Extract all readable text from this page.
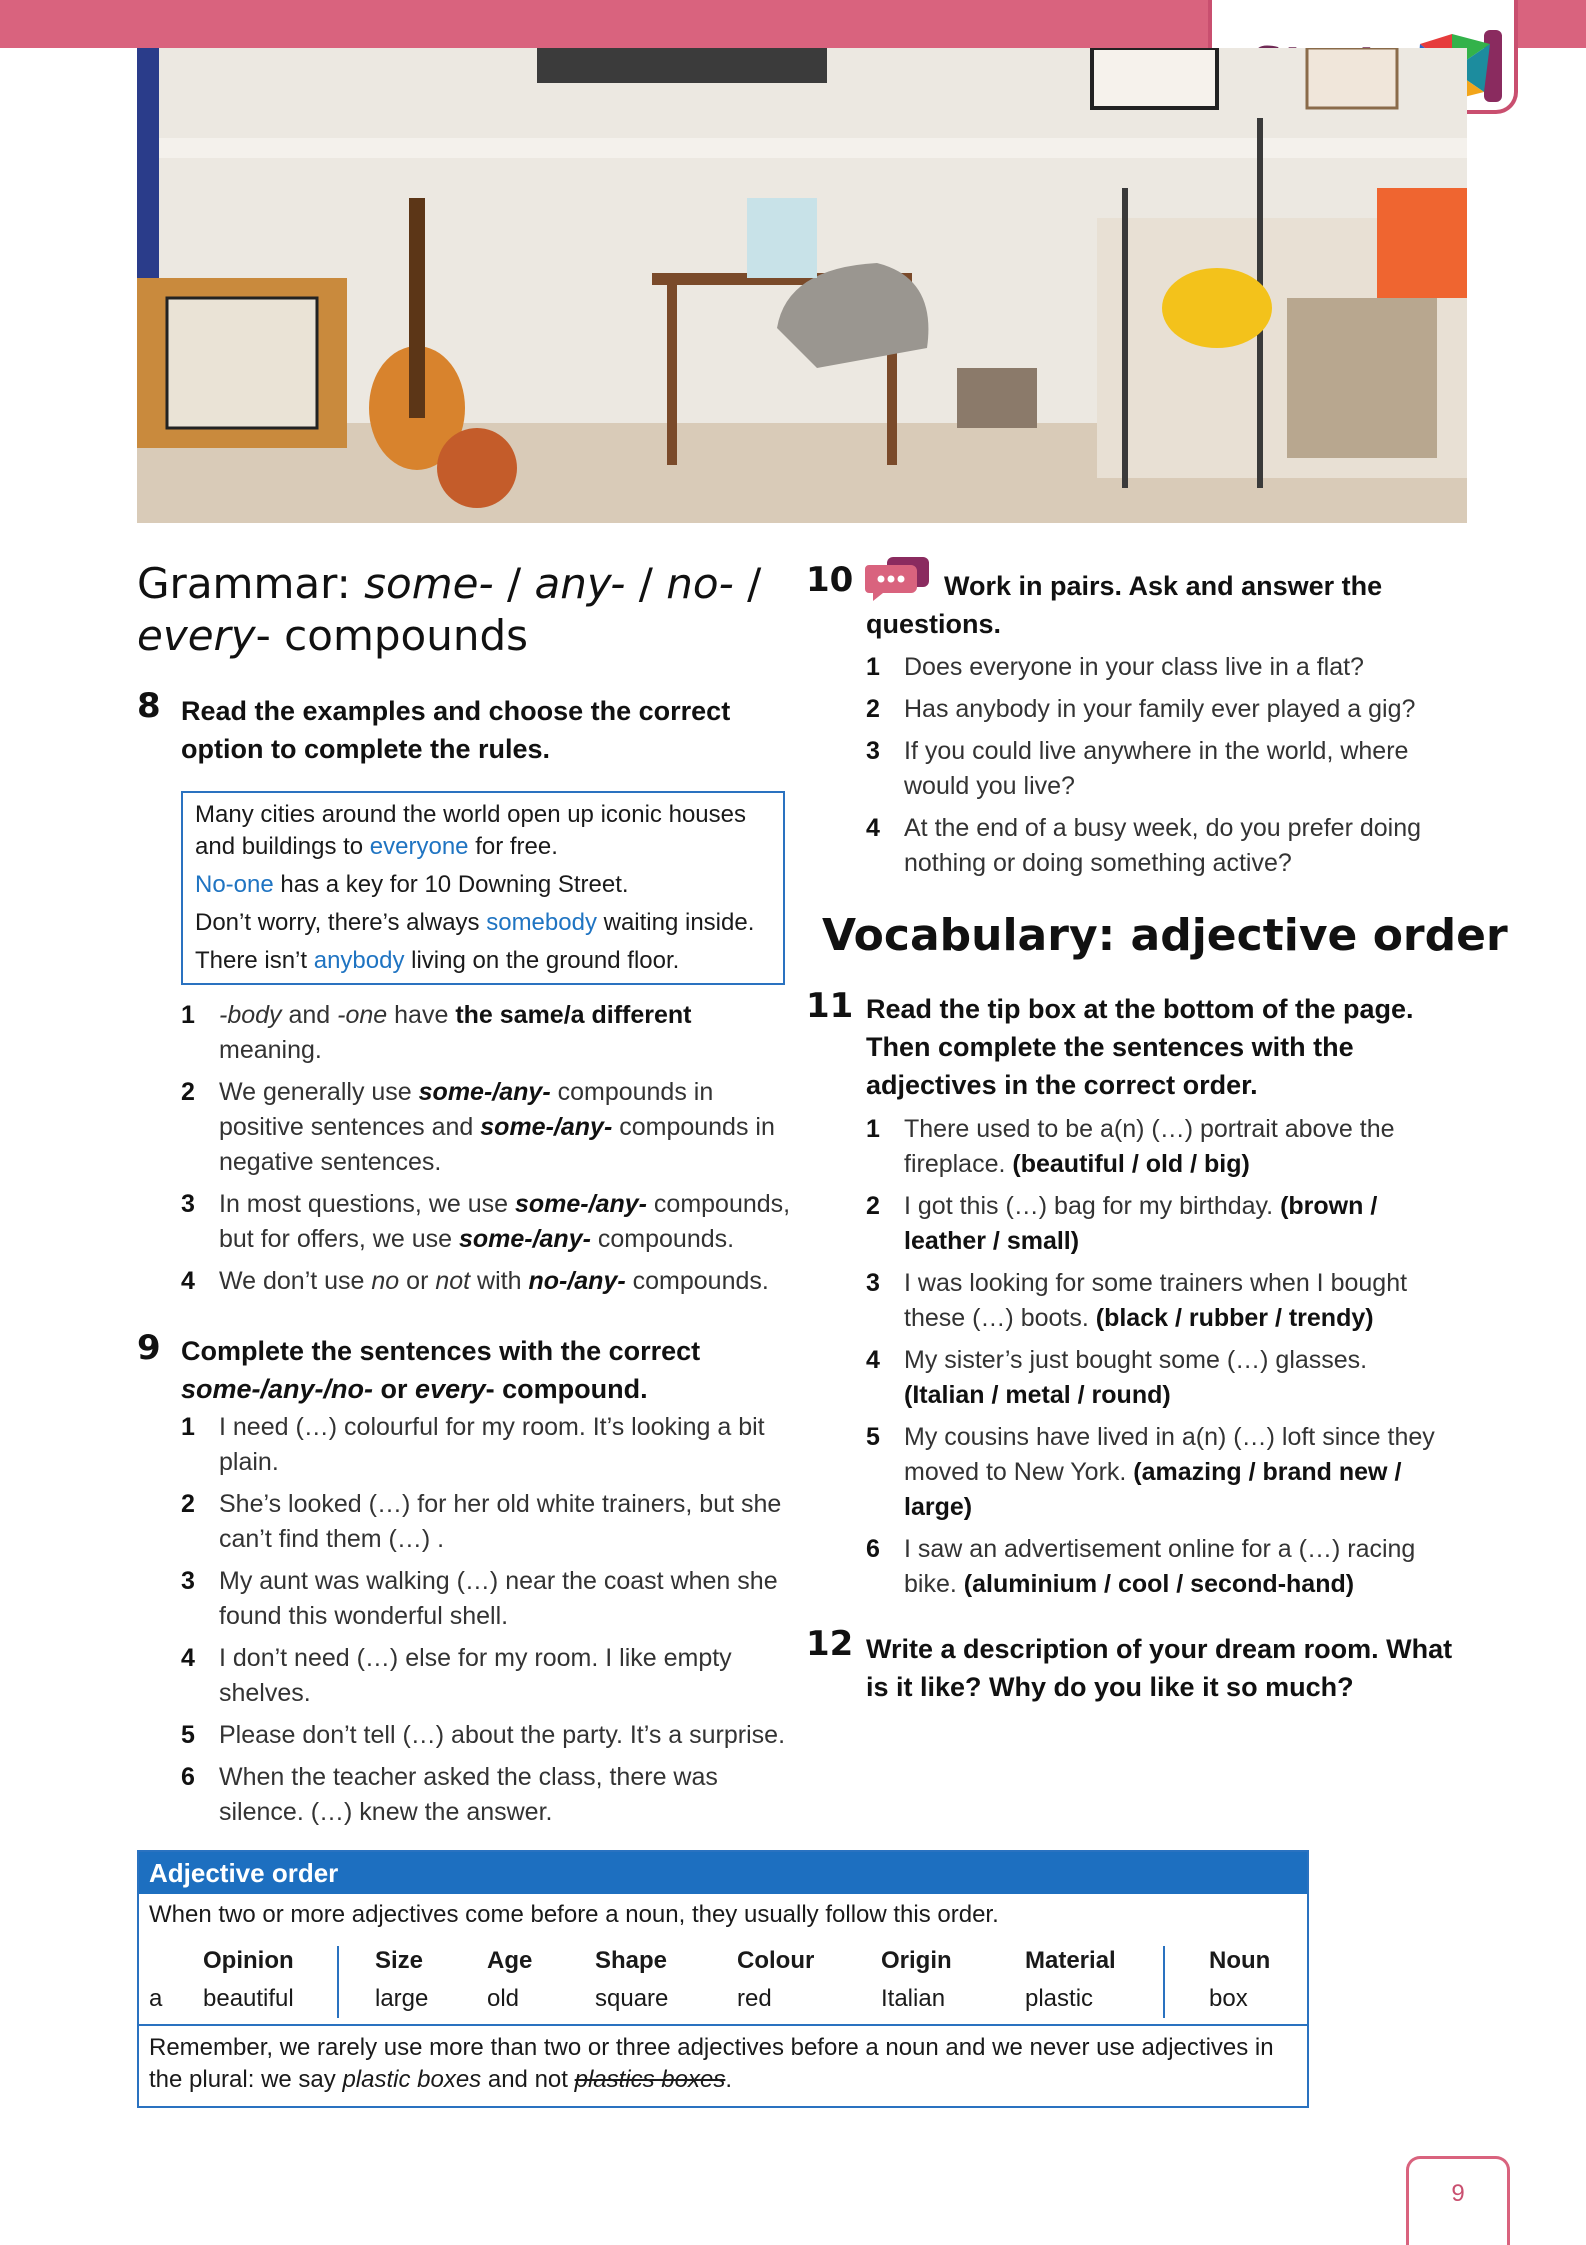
Grammar: some- / any- / no- /
every- compounds
8 Read the examples and choose the correct option to complete the rules.

Many cities around the world open up iconic houses and buildings to everyone for free.

No-one has a key for 10 Downing Street.

Don’t worry, there’s always somebody waiting inside.

There isn’t anybody living on the ground floor.

1 -body and -one have the same/a different meaning.
2 We generally use some-/any- compounds in positive sentences and some-/any- compounds in negative sentences.
3 In most questions, we use some-/any- compounds, but for offers, we use some-/any- compounds.
4 We don’t use no or not with no-/any- compounds.
9 Complete the sentences with the correct some-/any-/no- or every- compound.
1 I need (…) colourful for my room. It’s looking a bit plain.
2 She’s looked (…) for her old white trainers, but she can’t find them (…) .
3 My aunt was walking (…) near the coast when she found this wonderful shell.
4 I don’t need (…) else for my room. I like empty shelves.
5 Please don’t tell (…) about the party. It’s a surprise.
6 When the teacher asked the class, there was silence. (…) knew the answer.
10	Work in pairs. Ask and answer the questions.
1 Does everyone in your class live in a flat?
2 Has anybody in your family ever played a gig?
3 If you could live anywhere in the world, where would you live?
4 At the end of a busy week, do you prefer doing nothing or doing something active?
Vocabulary: adjective order
11 Read the tip box at the bottom of the page. Then complete the sentences with the adjectives in the correct order.
1 There used to be a(n) (…) portrait above the fireplace. (beautiful / old / big)
2 I got this (…) bag for my birthday. (brown / leather / small)
3 I was looking for some trainers when I bought these (…) boots. (black / rubber / trendy)
4 My sister’s just bought some (…) glasses. (Italian / metal / round)
5 My cousins have lived in a(n) (…) loft since they moved to New York. (amazing / brand new / large)
6 I saw an advertisement online for a (…) racing bike. (aluminium / cool / second-hand)
12 Write a description of your dream room. What is it like? Why do you like it so much?
Adjective order
When two or more adjectives come before a noun, they usually follow this order.

a
Opinion
beautiful
Size
large
Age
old
Shape
square
Colour
red
Origin
Italian
Material
plastic
Noun
box
Remember, we rarely use more than two or three adjectives before a noun and we never use adjectives in the plural: we say plastic boxes and not plastics boxes.
9
